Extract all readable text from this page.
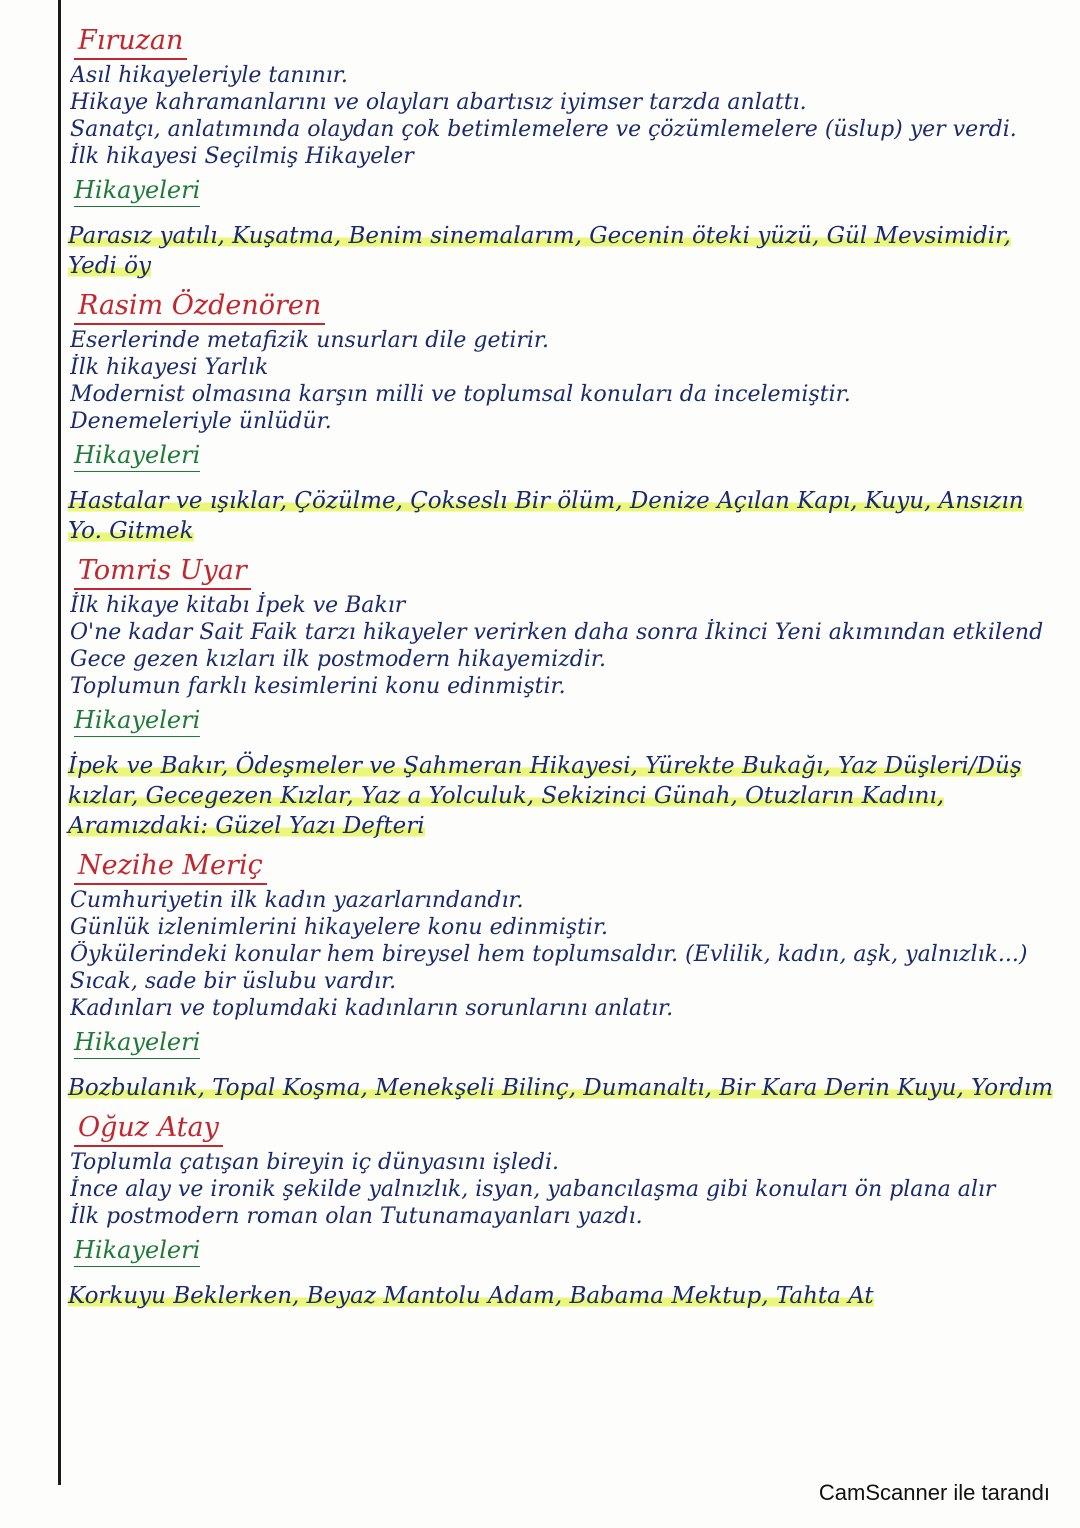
Fıruzan
Asıl hikayeleriyle tanınır.
Hikaye kahramanlarını ve olayları abartısız iyimser tarzda anlattı.
Sanatçı, anlatımında olaydan çok betimlemelere ve çözümlemelere (üslup) yer verdi.
İlk hikayesi Seçilmiş Hikayeler
Hikayeleri
Parasız yatılı, Kuşatma, Benim sinemalarım, Gecenin öteki yüzü, Gül Mevsimidir, Yedi öy
Rasim Özdenören
Eserlerinde metafizik unsurları dile getirir.
İlk hikayesi Yarlık
Modernist olmasına karşın milli ve toplumsal konuları da incelemiştir.
Denemeleriyle ünlüdür.
Hikayeleri
Hastalar ve ışıklar, Çözülme, Çokseslı Bir ölüm, Denize Açılan Kapı, Kuyu, Ansızın Yo. Gitmek
Tomris Uyar
İlk hikaye kitabı İpek ve Bakır
O'ne kadar Sait Faik tarzı hikayeler verirken daha sonra İkinci Yeni akımından etkilend
Gece gezen kızları ilk postmodern hikayemizdir.
Toplumun farklı kesimlerini konu edinmiştir.
Hikayeleri
İpek ve Bakır, Ödeşmeler ve Şahmeran Hikayesi, Yürekte Bukağı, Yaz Düşleri/Düş kızlar, Gecegezen Kızlar, Yaz a Yolculuk, Sekizinci Günah, Otuzların Kadını, Aramızdaki: Güzel Yazı Defteri
Nezihe Meriç
Cumhuriyetin ilk kadın yazarlarındandır.
Günlük izlenimlerini hikayelere konu edinmiştir.
Öykülerindeki konular hem bireysel hem toplumsaldır. (Evlilik, kadın, aşk, yalnızlık...)
Sıcak, sade bir üslubu vardır.
Kadınları ve toplumdaki kadınların sorunlarını anlatır.
Hikayeleri
Bozbulanık, Topal Koşma, Menekşeli Bilinç, Dumanaltı, Bir Kara Derin Kuyu, Yordım
Oğuz Atay
Toplumla çatışan bireyin iç dünyasını işledi.
İnce alay ve ironik şekilde yalnızlık, isyan, yabancılaşma gibi konuları ön plana alır
İlk postmodern roman olan Tutunamayanları yazdı.
Hikayeleri
Korkuyu Beklerken, Beyaz Mantolu Adam, Babama Mektup, Tahta At
CamScanner ile tarandı
